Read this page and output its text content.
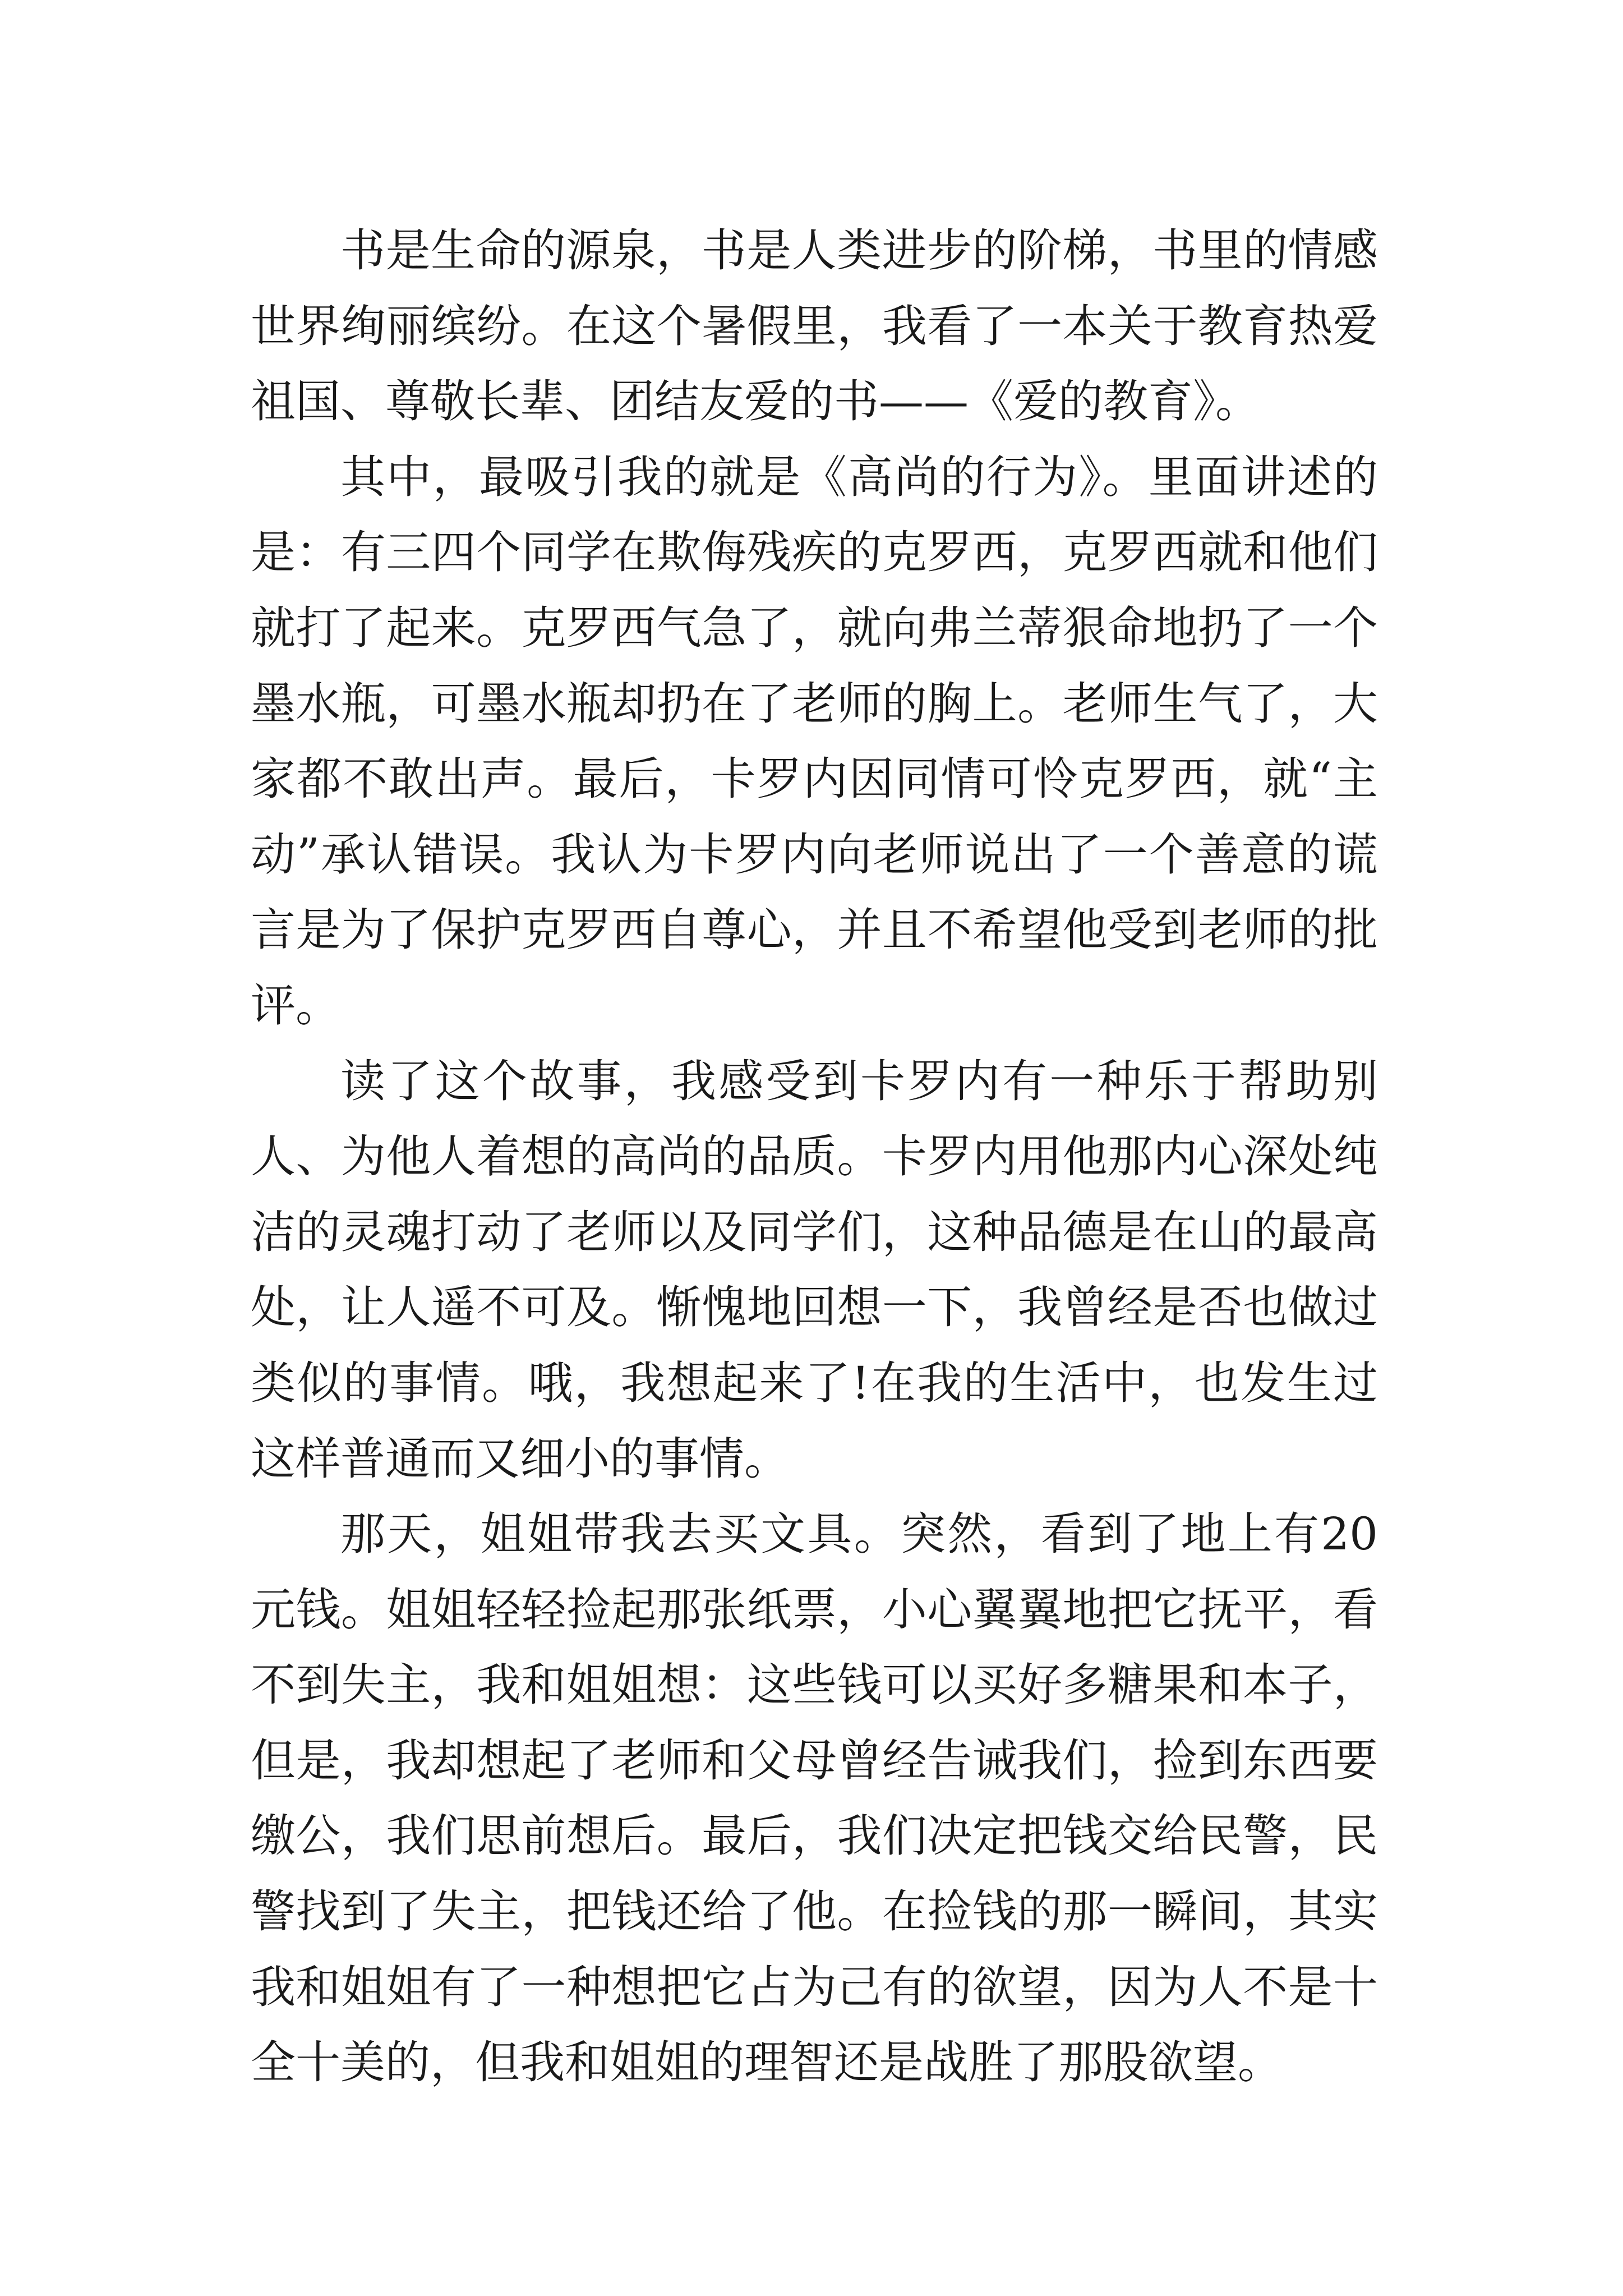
书是生命的源泉，书是人类进步的阶梯，书里的情感世界绚丽缤纷。在这个暑假里，我看了一本关于教育热爱祖国、尊敬长辈、团结友爱的书——《爱的教育》。

其中，最吸引我的就是《高尚的行为》。里面讲述的是：有三四个同学在欺侮残疾的克罗西，克罗西就和他们就打了起来。克罗西气急了，就向弗兰蒂狠命地扔了一个墨水瓶，可墨水瓶却扔在了老师的胸上。老师生气了，大家都不敢出声。最后，卡罗内因同情可怜克罗西，就“主动”承认错误。我认为卡罗内向老师说出了一个善意的谎言是为了保护克罗西自尊心，并且不希望他受到老师的批评。

读了这个故事，我感受到卡罗内有一种乐于帮助别人、为他人着想的高尚的品质。卡罗内用他那内心深处纯洁的灵魂打动了老师以及同学们，这种品德是在山的最高处，让人遥不可及。惭愧地回想一下，我曾经是否也做过类似的事情。哦，我想起来了!在我的生活中，也发生过这样普通而又细小的事情。

那天，姐姐带我去买文具。突然，看到了地上有20元钱。姐姐轻轻捡起那张纸票，小心翼翼地把它抚平，看不到失主，我和姐姐想：这些钱可以买好多糖果和本子，但是，我却想起了老师和父母曾经告诫我们，捡到东西要缴公，我们思前想后。最后，我们决定把钱交给民警，民警找到了失主，把钱还给了他。在捡钱的那一瞬间，其实我和姐姐有了一种想把它占为己有的欲望，因为人不是十全十美的，但我和姐姐的理智还是战胜了那股欲望。
